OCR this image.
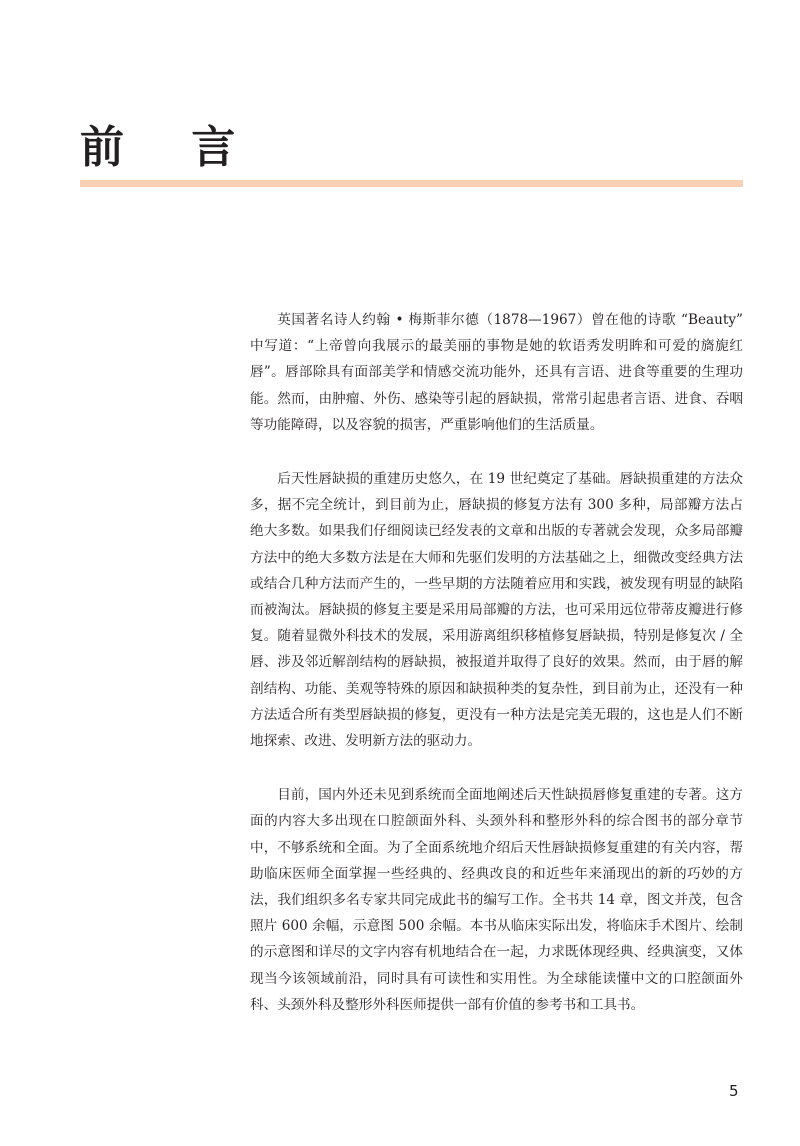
前 言

英国著名诗人约翰 • 梅斯菲尔德（1878—1967）曾在他的诗歌 “Beauty” 中写道：“上帝曾向我展示的最美丽的事物是她的软语秀发明眸和可爱的旖旎红唇”。唇部除具有面部美学和情感交流功能外，还具有言语、进食等重要的生理功能。然而，由肿瘤、外伤、感染等引起的唇缺损，常常引起患者言语、进食、吞咽等功能障碍，以及容貌的损害，严重影响他们的生活质量。

后天性唇缺损的重建历史悠久，在 19 世纪奠定了基础。唇缺损重建的方法众多，据不完全统计，到目前为止，唇缺损的修复方法有 300 多种，局部瓣方法占绝大多数。如果我们仔细阅读已经发表的文章和出版的专著就会发现，众多局部瓣方法中的绝大多数方法是在大师和先驱们发明的方法基础之上，细微改变经典方法或结合几种方法而产生的，一些早期的方法随着应用和实践，被发现有明显的缺陷而被淘汰。唇缺损的修复主要是采用局部瓣的方法，也可采用远位带蒂皮瓣进行修复。随着显微外科技术的发展，采用游离组织移植修复唇缺损，特别是修复次 / 全唇、涉及邻近解剖结构的唇缺损，被报道并取得了良好的效果。然而，由于唇的解剖结构、功能、美观等特殊的原因和缺损种类的复杂性，到目前为止，还没有一种方法适合所有类型唇缺损的修复，更没有一种方法是完美无瑕的，这也是人们不断地探索、改进、发明新方法的驱动力。

目前，国内外还未见到系统而全面地阐述后天性缺损唇修复重建的专著。这方面的内容大多出现在口腔颌面外科、头颈外科和整形外科的综合图书的部分章节中，不够系统和全面。为了全面系统地介绍后天性唇缺损修复重建的有关内容，帮助临床医师全面掌握一些经典的、经典改良的和近些年来涌现出的新的巧妙的方法，我们组织多名专家共同完成此书的编写工作。全书共 14 章，图文并茂，包含照片 600 余幅，示意图 500 余幅。本书从临床实际出发，将临床手术图片、绘制的示意图和详尽的文字内容有机地结合在一起，力求既体现经典、经典演变，又体现当今该领域前沿，同时具有可读性和实用性。为全球能读懂中文的口腔颌面外科、头颈外科及整形外科医师提供一部有价值的参考书和工具书。

5
